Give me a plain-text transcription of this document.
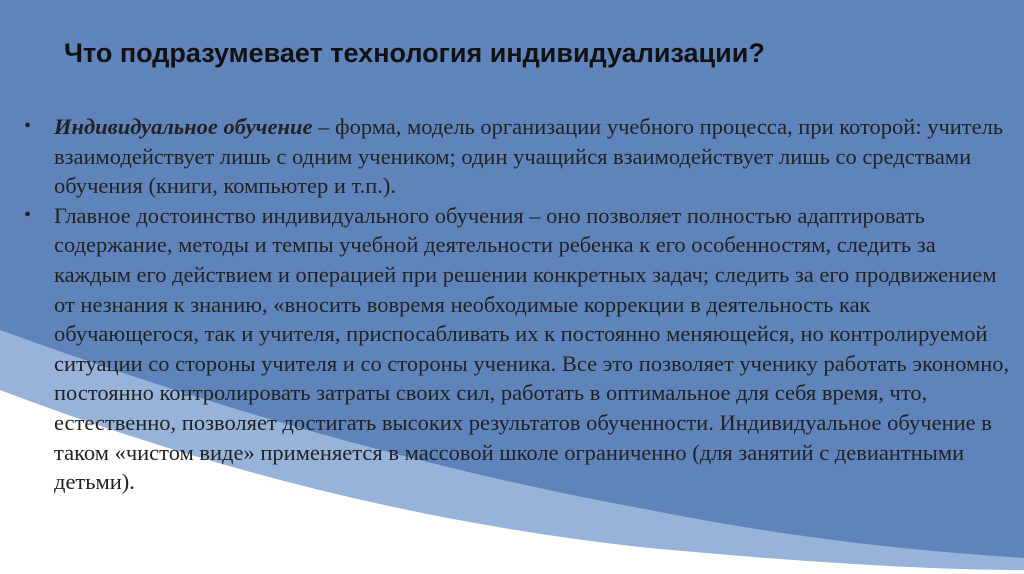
Что подразумевает технология индивидуализации?
• Индивидуальное обучение – форма, модель организации учебного процесса, при которой: учитель взаимодействует лишь с одним учеником; один учащийся взаимодействует лишь со средствами обучения (книги, компьютер и т.п.).
• Главное достоинство индивидуального обучения – оно позволяет полностью адаптировать содержание, методы и темпы учебной деятельности ребенка к его особенностям, следить за каждым его действием и операцией при решении конкретных задач; следить за его продвижением от незнания к знанию, «вносить вовремя необходимые коррекции в деятельность как обучающегося, так и учителя, приспосабливать их к постоянно меняющейся, но контролируемой ситуации со стороны учителя и со стороны ученика. Все это позволяет ученику работать экономно, постоянно контролировать затраты своих сил, работать в оптимальное для себя время, что, естественно, позволяет достигать высоких результатов обученности. Индивидуальное обучение в таком «чистом виде» применяется в массовой школе ограниченно (для занятий с девиантными детьми).
